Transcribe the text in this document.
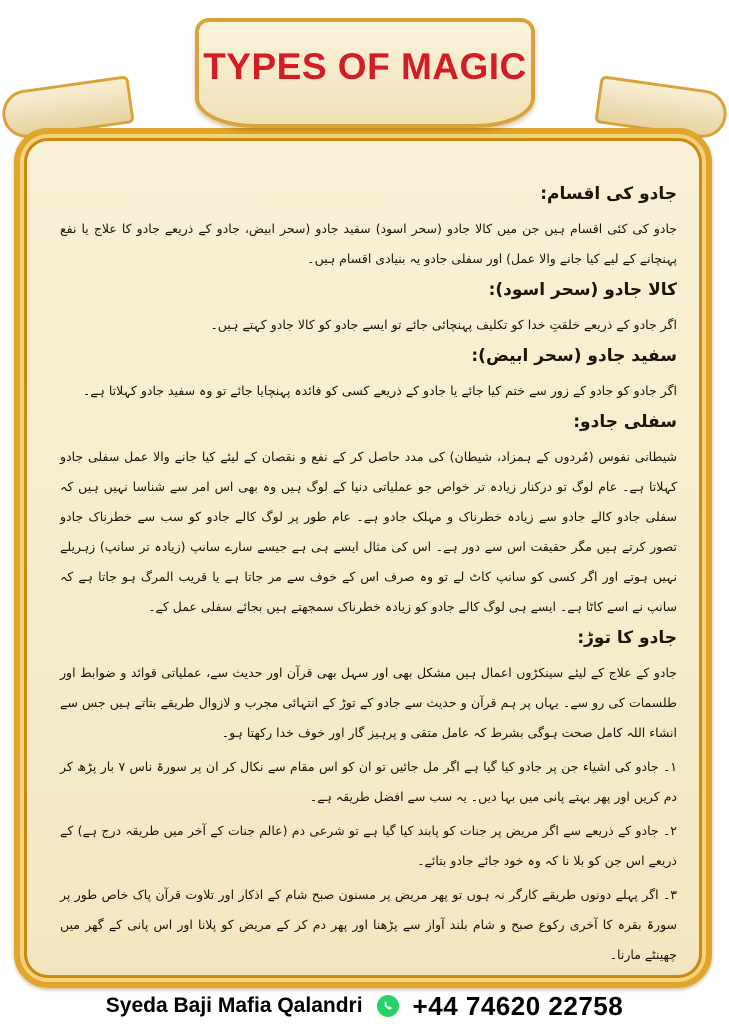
TYPES OF MAGIC
جادو کی اقسام:

جادو کی کئی اقسام ہیں جن میں کالا جادو (سحر اسود) سفید جادو (سحر ابیض، جادو کے ذریعے جادو کا علاج یا نفع پہنچانے کے لیے کیا جانے والا عمل) اور سفلی جادو یہ بنیادی اقسام ہیں۔

کالا جادو (سحر اسود):

اگر جادو کے ذریعے خلقتِ خدا کو تکلیف پہنچائی جائے تو ایسے جادو کو کالا جادو کہتے ہیں۔

سفید جادو (سحر ابیض):

اگر جادو کو جادو کے زور سے ختم کیا جائے یا جادو کے ذریعے کسی کو فائدہ پہنچایا جائے تو وہ سفید جادو کہلاتا ہے۔

سفلی جادو:

شیطانی نفوس (مُردوں کے ہمزاد، شیطان) کی مدد حاصل کر کے نفع و نقصان کے لیئے کیا جانے والا عمل سفلی جادو کہلاتا ہے۔ عام لوگ تو درکنار زیادہ تر خواص جو عملیاتی دنیا کے لوگ ہیں وہ بھی اس امر سے شناسا نہیں ہیں کہ سفلی جادو کالے جادو سے زیادہ خطرناک و مہلک جادو ہے۔ عام طور پر لوگ کالے جادو کو سب سے خطرناک جادو تصور کرتے ہیں مگر حقیقت اس سے دور ہے۔ اس کی مثال ایسے ہی ہے جیسے سارے سانپ (زیادہ تر سانپ) زہریلے نہیں ہوتے اور اگر کسی کو سانپ کاٹ لے تو وہ صرف اس کے خوف سے مر جاتا ہے یا قریب المرگ ہو جاتا ہے کہ سانپ نے اسے کاٹا ہے۔ ایسے ہی لوگ کالے جادو کو زیادہ خطرناک سمجھتے ہیں بجائے سفلی عمل کے۔

جادو کا توڑ:

جادو کے علاج کے لیئے سینکڑوں اعمال ہیں مشکل بھی اور سہل بھی قرآن اور حدیث سے، عملیاتی قوائد و ضوابط اور طلسمات کی رو سے۔ یہاں پر ہم قرآن و حدیث سے جادو کے توڑ کے انتہائی مجرب و لازوال طریقے بتاتے ہیں جس سے انشاء اللہ کامل صحت ہوگی بشرط کہ عامل متقی و پرہیز گار اور خوف خدا رکھتا ہو۔

۱۔ جادو کی اشیاء جن پر جادو کیا گیا ہے اگر مل جائیں تو ان کو اس مقام سے نکال کر ان پر سورۃ ناس ۷ بار پڑھ کر دم کریں اور پھر بہتے پانی میں بہا دیں۔ یہ سب سے افضل طریقہ ہے۔

۲۔ جادو کے ذریعے سے اگر مریض پر جنات کو پابند کیا گیا ہے تو شرعی دم (عالم جنات کے آخر میں طریقہ درج ہے) کے ذریعے اس جن کو بلا نا کہ وہ خود جائے جادو بتائے۔

۳۔ اگر پہلے دونوں طریقے کارگر نہ ہوں تو پھر مریض پر مسنون صبح شام کے اذکار اور تلاوت قرآن پاک خاص طور پر سورۃ بقرہ کا آخری رکوع صبح و شام بلند آواز سے پڑھنا اور پھر دم کر کے مریض کو پلانا اور اس پانی کے گھر میں چھینٹے مارنا۔

Syeda Baji Mafia Qalandri +44 74620 22758
